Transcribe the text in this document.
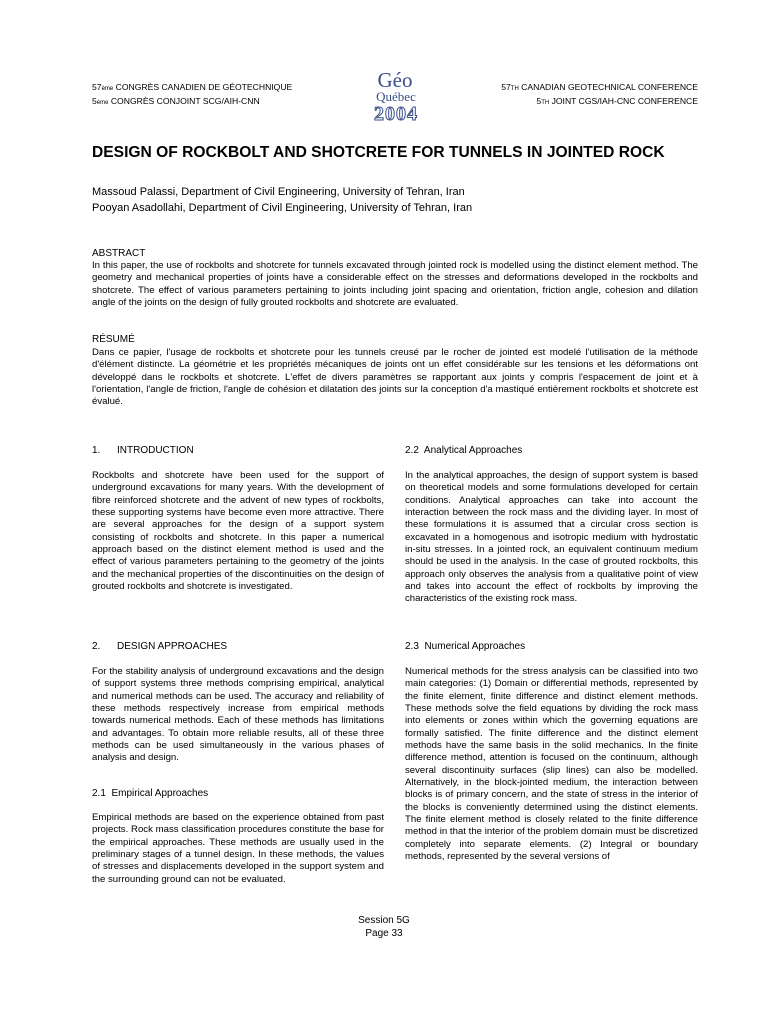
57ème CONGRÈS CANADIEN DE GÉOTECHNIQUE
5ème CONGRÈS CONJOINT SCG/AIH-CNN
Géo
Québec
2004
57TH CANADIAN GEOTECHNICAL CONFERENCE
5TH JOINT CGS/IAH-CNC CONFERENCE
DESIGN OF ROCKBOLT AND SHOTCRETE FOR TUNNELS IN JOINTED ROCK
Massoud Palassi, Department of Civil Engineering, University of Tehran, Iran
Pooyan Asadollahi, Department of Civil Engineering, University of Tehran, Iran
ABSTRACT

In this paper, the use of rockbolts and shotcrete for tunnels excavated through jointed rock is modelled using the distinct element method. The geometry and mechanical properties of joints have a considerable effect on the stresses and deformations developed in the rockbolts and shotcrete. The effect of various parameters pertaining to joints including joint spacing and orientation, friction angle, cohesion and dilation angle of the joints on the design of fully grouted rockbolts and shotcrete are evaluated.

RÉSUMÉ

Dans ce papier, l'usage de rockbolts et shotcrete pour les tunnels creusé par le rocher de jointed est modelé l'utilisation de la méthode d'élément distincte. La géométrie et les propriétés mécaniques de joints ont un effet considérable sur les tensions et les déformations ont développé dans le rockbolts et shotcrete. L'effet de divers paramètres se rapportant aux joints y compris l'espacement de joint et à l'orientation, l'angle de friction, l'angle de cohésion et dilatation des joints sur la conception d'a mastiqué entièrement rockbolts et shotcrete est évalué.

1.      INTRODUCTION

Rockbolts and shotcrete have been used for the support of underground excavations for many years. With the development of fibre reinforced shotcrete and the advent of new types of rockbolts, these supporting systems have become even more attractive. There are several approaches for the design of a support system consisting of rockbolts and shotcrete. In this paper a numerical approach based on the distinct element method is used and the effect of various parameters pertaining to the geometry of the joints and the mechanical properties of the discontinuities on the design of grouted rockbolts and shotcrete is investigated.

2.      DESIGN APPROACHES

For the stability analysis of underground excavations and the design of support systems three methods comprising empirical, analytical and numerical methods can be used. The accuracy and reliability of these methods respectively increase from empirical methods towards numerical methods. Each of these methods has limitations and advantages. To obtain more reliable results, all of these three methods can be used simultaneously in the various phases of analysis and design.

2.1  Empirical Approaches

Empirical methods are based on the experience obtained from past projects. Rock mass classification procedures constitute the base for the empirical approaches. These methods are usually used in the preliminary stages of a tunnel design. In these methods, the values of stresses and displacements developed in the support system and the surrounding ground can not be evaluated.

2.2  Analytical Approaches

In the analytical approaches, the design of support system is based on theoretical models and some formulations developed for certain conditions. Analytical approaches can take into account the interaction between the rock mass and the dividing layer. In most of these formulations it is assumed that a circular cross section is excavated in a homogenous and isotropic medium with hydrostatic in-situ stresses. In a jointed rock, an equivalent continuum medium should be used in the analysis. In the case of grouted rockbolts, this approach only observes the analysis from a qualitative point of view and takes into account the effect of rockbolts by improving the characteristics of the existing rock mass.

2.3  Numerical Approaches

Numerical methods for the stress analysis can be classified into two main categories: (1) Domain or differential methods, represented by the finite element, finite difference and distinct element methods. These methods solve the field equations by dividing the rock mass into elements or zones within which the governing equations are formally satisfied. The finite difference and the distinct element methods have the same basis in the solid mechanics. In the finite difference method, attention is focused on the continuum, although several discontinuity surfaces (slip lines) can also be modelled. Alternatively, in the block-jointed medium, the interaction between blocks is of primary concern, and the state of stress in the interior of the blocks is conveniently determined using the distinct elements. The finite element method is closely related to the finite difference method in that the interior of the problem domain must be discretized completely into separate elements. (2) Integral or boundary methods, represented by the several versions of

Session 5G
Page 33
